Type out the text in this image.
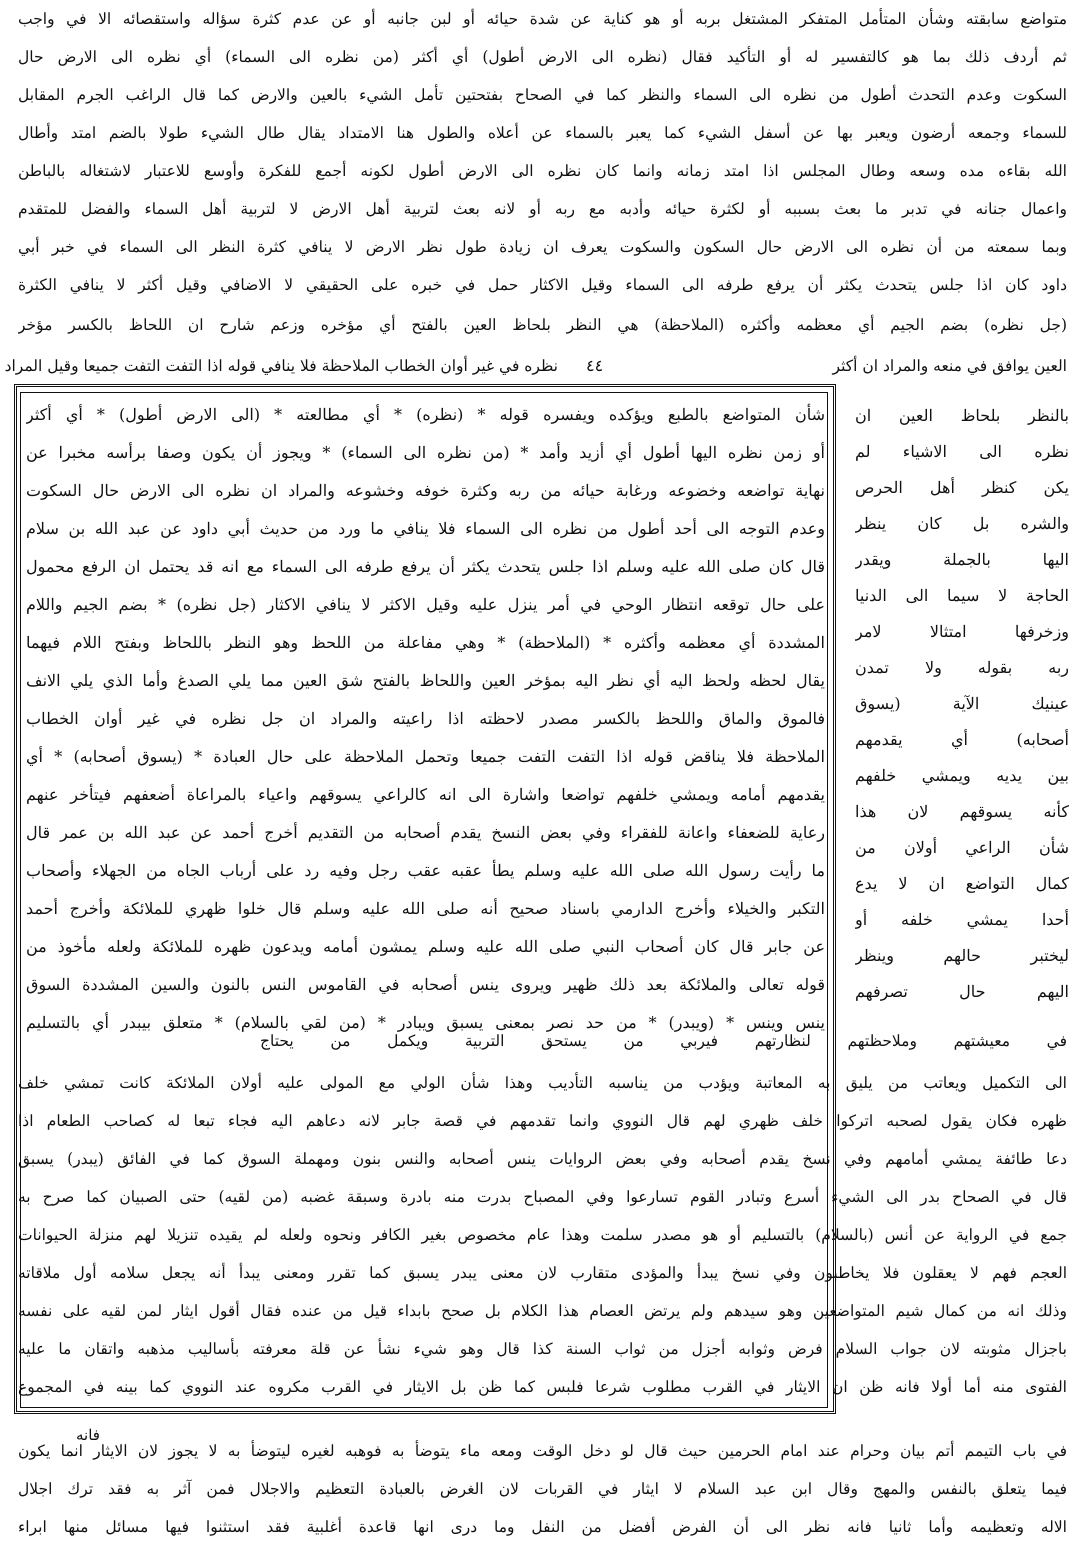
متواضع سابقته وشأن المتأمل المتفكر المشتغل بربه أو هو كناية عن شدة حيائه أو لبن جانبه أو عن عدم كثرة سؤاله واستقصائه الا في واجب
ثم أردف ذلك بما هو كالتفسير له أو التأكيد فقال (نظره الى الارض أطول) أي أكثر (من نظره الى السماء) أي نظره الى الارض حال
السكوت وعدم التحدث أطول من نظره الى السماء والنظر كما في الصحاح بفتحتين تأمل الشيء بالعين والارض كما قال الراغب الجرم المقابل
للسماء وجمعه أرضون ويعبر بها عن أسفل الشيء كما يعبر بالسماء عن أعلاه والطول هنا الامتداد يقال طال الشيء طولا بالضم امتد وأطال
الله بقاءه مده وسعه وطال المجلس اذا امتد زمانه وانما كان نظره الى الارض أطول لكونه أجمع للفكرة وأوسع للاعتبار لاشتغاله بالباطن
واعمال جنانه في تدبر ما بعث بسببه أو لكثرة حيائه وأدبه مع ربه أو لانه بعث لتربية أهل الارض لا لتربية أهل السماء والفضل للمتقدم
وبما سمعته من أن نظره الى الارض حال السكون والسكوت يعرف ان زيادة طول نظر الارض لا ينافي كثرة النظر الى السماء في خبر أبي
داود كان اذا جلس يتحدث يكثر أن يرفع طرفه الى السماء وقيل الاكثار حمل في خبره على الحقيقي لا الاضافي وقيل أكثر لا ينافي الكثرة
(جل نظره) بضم الجيم أي معظمه وأكثره (الملاحظة) هي النظر بلحاظ العين بالفتح أي مؤخره وزعم شارح ان اللحاظ بالكسر مؤخر
العين يوافق في منعه والمراد ان أكثر
٤٤
نظره في غير أوان الخطاب الملاحظة فلا ينافي قوله اذا التفت التفت جميعا وقيل المراد
شأن المتواضع بالطبع ويؤكده ويفسره قوله * (نظره) * أي مطالعته * (الى الارض أطول) * أي أكثر
أو زمن نظره اليها أطول أي أزيد وأمد * (من نظره الى السماء) * ويجوز أن يكون وصفا برأسه مخبرا عن
نهاية تواضعه وخضوعه ورغابة حيائه من ربه وكثرة خوفه وخشوعه والمراد ان نظره الى الارض حال السكوت
وعدم التوجه الى أحد أطول من نظره الى السماء فلا ينافي ما ورد من حديث أبي داود عن عبد الله بن سلام
قال كان صلى الله عليه وسلم اذا جلس يتحدث يكثر أن يرفع طرفه الى السماء مع انه قد يحتمل ان الرفع محمول
على حال توقعه انتظار الوحي في أمر ينزل عليه وقيل الاكثر لا ينافي الاكثار (جل نظره) * بضم الجيم واللام
المشددة أي معظمه وأكثره * (الملاحظة) * وهي مفاعلة من اللحظ وهو النظر باللحاظ وبفتح اللام فيهما
يقال لحظه ولحظ اليه أي نظر اليه بمؤخر العين واللحاظ بالفتح شق العين مما يلي الصدغ وأما الذي يلي الانف
فالموق والماق واللحظ بالكسر مصدر لاحظته اذا راعيته والمراد ان جل نظره في غير أوان الخطاب
الملاحظة فلا يناقض قوله اذا التفت التفت جميعا وتحمل الملاحظة على حال العبادة * (يسوق أصحابه) * أي
يقدمهم أمامه ويمشي خلفهم تواضعا واشارة الى انه كالراعي يسوقهم واعياء بالمراعاة أضعفهم فيتأخر عنهم
رعاية للضعفاء واعانة للفقراء وفي بعض النسخ يقدم أصحابه من التقديم أخرج أحمد عن عبد الله بن عمر قال
ما رأيت رسول الله صلى الله عليه وسلم يطأ عقبه عقب رجل وفيه رد على أرباب الجاه من الجهلاء وأصحاب
التكبر والخيلاء وأخرج الدارمي باسناد صحيح أنه صلى الله عليه وسلم قال خلوا ظهري للملائكة وأخرج أحمد
عن جابر قال كان أصحاب النبي صلى الله عليه وسلم يمشون أمامه ويدعون ظهره للملائكة ولعله مأخوذ من
قوله تعالى والملائكة بعد ذلك ظهير ويروى ينس أصحابه في القاموس النس بالنون والسين المشددة السوق
ينس وينس * (ويبدر) * من حد نصر بمعنى يسبق ويبادر * (من لقي بالسلام) * متعلق بيبدر أي بالتسليم
بالنظر بلحاظ العين ان
نظره الى الاشياء لم
يكن كنظر أهل الحرص
والشره بل كان ينظر
اليها بالجملة ويقدر
الحاجة لا سيما الى الدنيا
وزخرفها امتثالا لامر
ربه بقوله ولا تمدن
عينيك الآية (يسوق
أصحابه) أي يقدمهم
بين يديه ويمشي خلفهم
كأنه يسوقهم لان هذا
شأن الراعي أولان من
كمال التواضع ان لا يدع
أحدا يمشي خلفه أو
ليختبر حالهم وينظر
اليهم حال تصرفهم
فانه
في معيشتهم وملاحظتهم لنظارتهم فيربي من يستحق التربية ويكمل من يحتاج
الى التكميل ويعاتب من يليق به المعاتبة ويؤدب من يناسبه التأديب وهذا شأن الولي مع المولى عليه أولان الملائكة كانت تمشي خلف
ظهره فكان يقول لصحبه اتركوا خلف ظهري لهم قال النووي وانما تقدمهم في قصة جابر لانه دعاهم اليه فجاء تبعا له كصاحب الطعام اذا
دعا طائفة يمشي أمامهم وفي نسخ يقدم أصحابه وفي بعض الروايات ينس أصحابه والنس بنون ومهملة السوق كما في الفائق (يبدر) يسبق
قال في الصحاح بدر الى الشيء أسرع وتبادر القوم تسارعوا وفي المصباح بدرت منه بادرة وسبقة غضبه (من لقيه) حتى الصبيان كما صرح به
جمع في الرواية عن أنس (بالسلام) بالتسليم أو هو مصدر سلمت وهذا عام مخصوص بغير الكافر ونحوه ولعله لم يقيده تنزيلا لهم منزلة الحيوانات
العجم فهم لا يعقلون فلا يخاطبون وفي نسخ يبدأ والمؤدى متقارب لان معنى يبدر يسبق كما تقرر ومعنى يبدأ أنه يجعل سلامه أول ملاقاته
وذلك انه من كمال شيم المتواضعين وهو سيدهم ولم يرتض العصام هذا الكلام بل صحح بابداء قيل من عنده فقال أقول ايثار لمن لقيه على نفسه
باجزال مثوبته لان جواب السلام فرض وثوابه أجزل من ثواب السنة كذا قال وهو شيء نشأ عن قلة معرفته بأساليب مذهبه واتقان ما عليه
الفتوى منه أما أولا فانه ظن ان الايثار في القرب مطلوب شرعا فلبس كما ظن بل الايثار في القرب مكروه عند النووي كما بينه في المجموع
في باب التيمم أتم بيان وحرام عند امام الحرمين حيث قال لو دخل الوقت ومعه ماء يتوضأ به فوهبه لغيره ليتوضأ به لا يجوز لان الايثار انما يكون
فيما يتعلق بالنفس والمهج وقال ابن عبد السلام لا ايثار في القربات لان الغرض بالعبادة التعظيم والاجلال فمن آثر به فقد ترك اجلال
الاله وتعظيمه وأما ثانيا فانه نظر الى أن الفرض أفضل من النفل وما درى انها قاعدة أغلبية فقد استثنوا فيها مسائل منها ابراء
